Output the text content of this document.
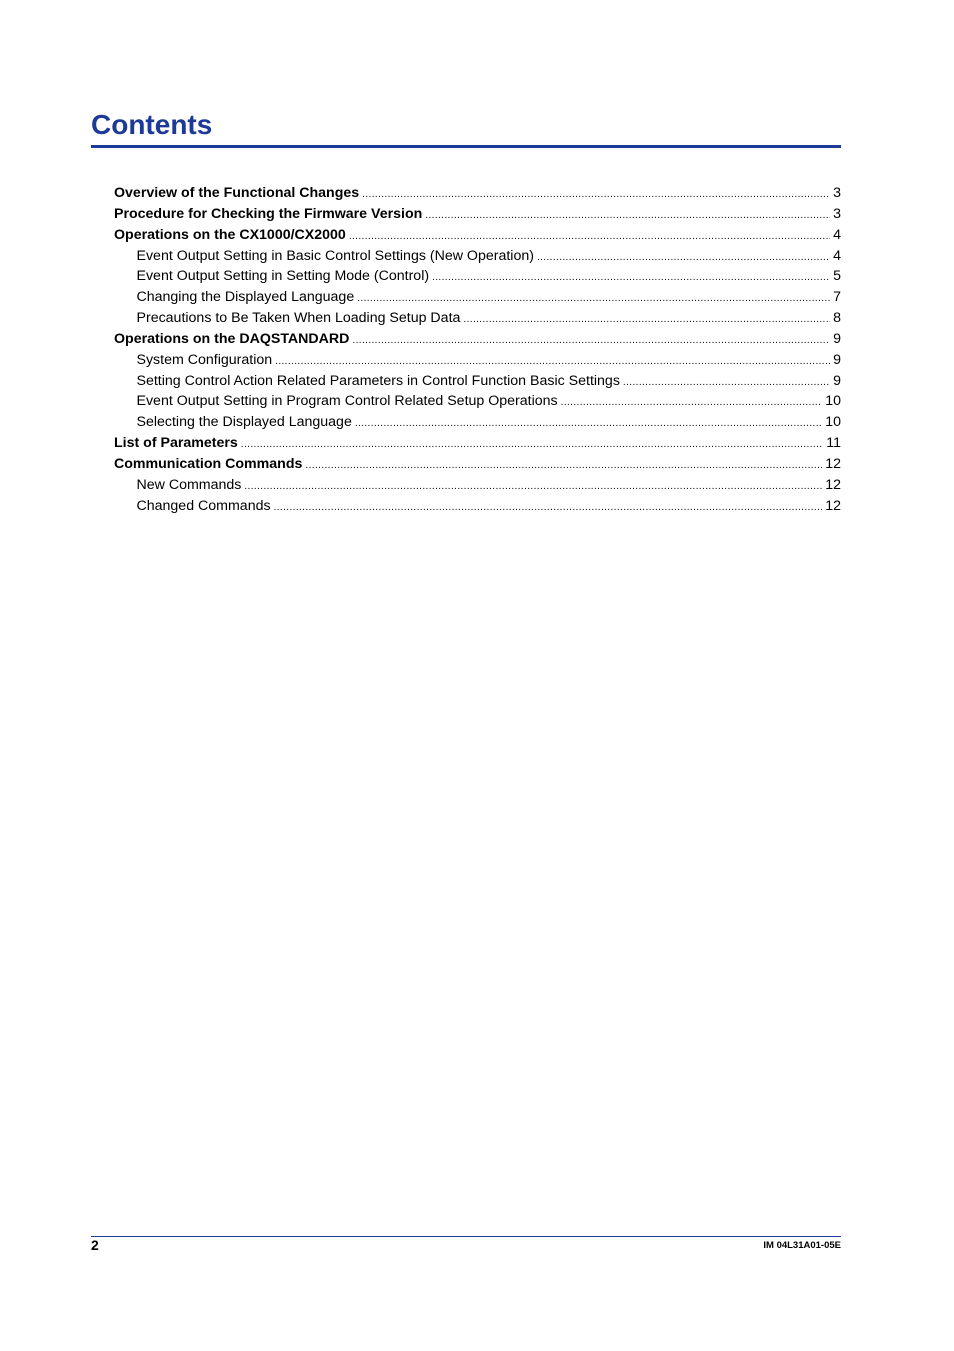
Contents
Overview of the Functional Changes .....	3
Procedure for Checking the Firmware Version .....	3
Operations on the CX1000/CX2000 .....	4
Event Output Setting in Basic Control Settings (New Operation) .....	4
Event Output Setting in Setting Mode (Control) .....	5
Changing the Displayed Language .....	7
Precautions to Be Taken When Loading Setup Data .....	8
Operations on the DAQSTANDARD .....	9
System Configuration .....	9
Setting Control Action Related Parameters in Control Function Basic Settings .....	9
Event Output Setting in Program Control Related Setup Operations .....	10
Selecting the Displayed Language .....	10
List of Parameters .....	11
Communication Commands .....	12
New Commands .....	12
Changed Commands .....	12
2	IM 04L31A01-05E
